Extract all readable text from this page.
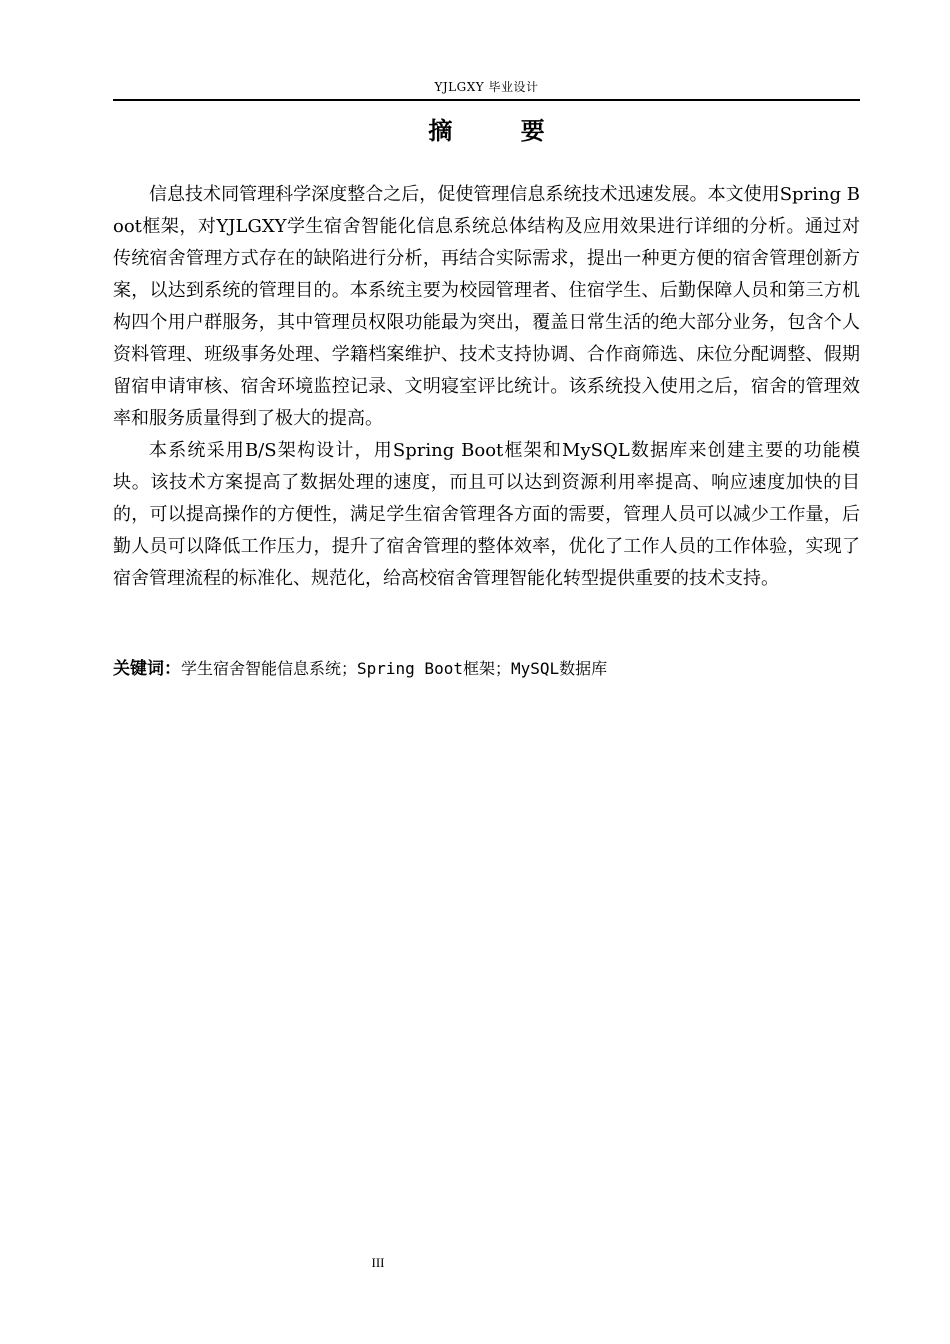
YJLGXY 毕业设计
摘 要

信息技术同管理科学深度整合之后，促使管理信息系统技术迅速发展。本文使用Spring Boot框架，对YJLGXY学生宿舍智能化信息系统总体结构及应用效果进行详细的分析。通过对传统宿舍管理方式存在的缺陷进行分析，再结合实际需求，提出一种更方便的宿舍管理创新方案，以达到系统的管理目的。本系统主要为校园管理者、住宿学生、后勤保障人员和第三方机构四个用户群服务，其中管理员权限功能最为突出，覆盖日常生活的绝大部分业务，包含个人资料管理、班级事务处理、学籍档案维护、技术支持协调、合作商筛选、床位分配调整、假期留宿申请审核、宿舍环境监控记录、文明寝室评比统计。该系统投入使用之后，宿舍的管理效率和服务质量得到了极大的提高。

本系统采用B/S架构设计，用Spring Boot框架和MySQL数据库来创建主要的功能模块。该技术方案提高了数据处理的速度，而且可以达到资源利用率提高、响应速度加快的目的，可以提高操作的方便性，满足学生宿舍管理各方面的需要，管理人员可以减少工作量，后勤人员可以降低工作压力，提升了宿舍管理的整体效率，优化了工作人员的工作体验，实现了宿舍管理流程的标准化、规范化，给高校宿舍管理智能化转型提供重要的技术支持。

关键词：学生宿舍智能信息系统；Spring Boot框架；MySQL数据库
III
